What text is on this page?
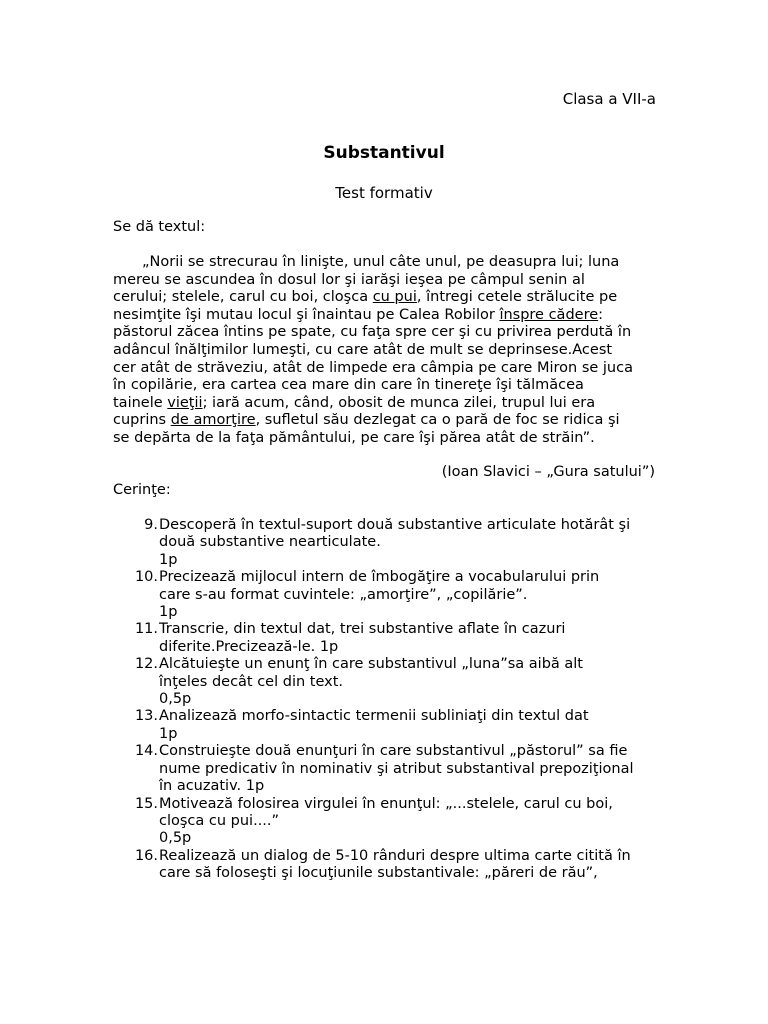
Clasa a VII-a
Substantivul
Test formativ
Se dă textul:
„Norii se strecurau în linişte, unul câte unul, pe deasupra lui; luna
mereu se ascundea în dosul lor şi iarăşi ieşea pe câmpul senin al
cerului; stelele, carul cu boi, cloşca cu pui, întregi cetele strălucite pe
nesimţite îşi mutau locul şi înaintau pe Calea Robilor înspre cădere:
păstorul zăcea întins pe spate, cu faţa spre cer şi cu privirea perdută în
adâncul înălţimilor lumeşti, cu care atât de mult se deprinsese.Acest
cer atât de străveziu, atât de limpede era câmpia pe care Miron se juca
în copilărie, era cartea cea mare din care în tinereţe îşi tălmăcea
tainele vieţii; iară acum, când, obosit de munca zilei, trupul lui era
cuprins de amorţire, sufletul său dezlegat ca o pară de foc se ridica şi
se depărta de la faţa pământului, pe care îşi părea atât de străin”.
(Ioan Slavici – „Gura satului”)
Cerinţe:
9. Descoperă în textul-suport două substantive articulate hotărât şi
două substantive nearticulate.
1p
10. Precizează mijlocul intern de îmbogăţire a vocabularului prin
care s-au format cuvintele: „amorţire”, „copilărie”.
1p
11. Transcrie, din textul dat, trei substantive aflate în cazuri
diferite.Precizează-le. 1p
12. Alcătuieşte un enunţ în care substantivul „luna”sa aibă alt
înţeles decât cel din text.
0,5p
13. Analizează morfo-sintactic termenii subliniaţi din textul dat
1p
14. Construieşte două enunţuri în care substantivul „păstorul” sa fie
nume predicativ în nominativ şi atribut substantival prepoziţional
în acuzativ. 1p
15. Motivează folosirea virgulei în enunţul: „...stelele, carul cu boi,
cloşca cu pui....”
0,5p
16. Realizează un dialog de 5-10 rânduri despre ultima carte citită în
care să foloseşti şi locuţiunile substantivale: „păreri de rău”,
